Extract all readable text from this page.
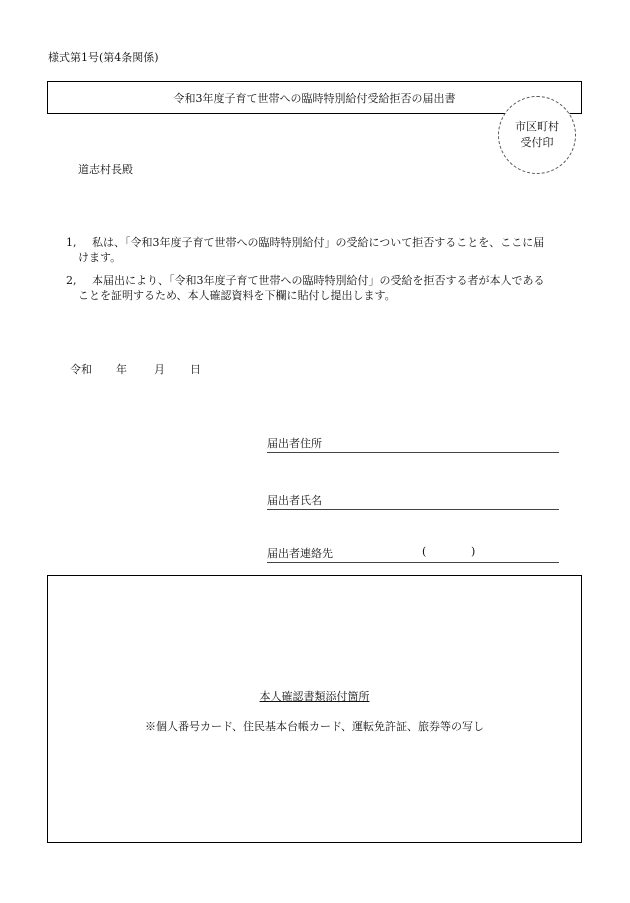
様式第1号(第4条関係)
令和3年度子育て世帯への臨時特別給付受給拒否の届出書
市区町村
受付印
道志村長殿
1, 私は、「令和3年度子育て世帯への臨時特別給付」の受給について拒否することを、ここに届
けます。
2, 本届出により、「令和3年度子育て世帯への臨時特別給付」の受給を拒否する者が本人である
ことを証明するため、本人確認資料を下欄に貼付し提出します。
令和 年 月 日
届出者住所
届出者氏名
届出者連絡先	(	)
本人確認書類添付箇所
※個人番号カード、住民基本台帳カード、運転免許証、旅券等の写し
